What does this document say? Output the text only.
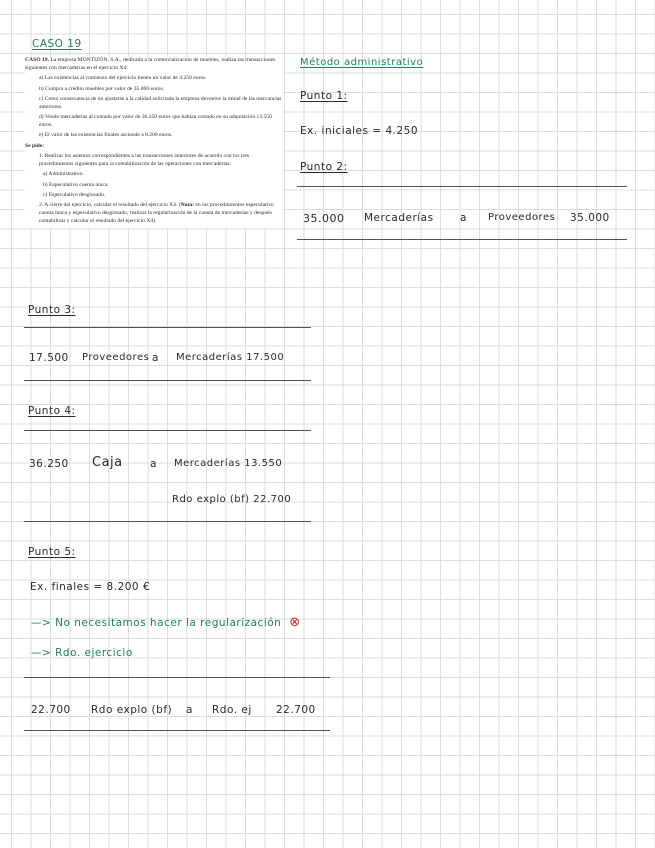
CASO 19

CASO 19. La empresa MONTIZÓN, S.A., dedicada a la comercialización de muebles, realiza las transacciones siguientes con mercaderías en el ejercicio X4:

a) Las existencias al comienzo del ejercicio tienen un valor de 4.250 euros.

b) Compra a crédito muebles por valor de 35.000 euros.

c) Como consecuencia de no ajustarse a la calidad solicitada la empresa devuelve la mitad de las mercancías anteriores.

d) Vende mercaderías al contado por valor de 36.250 euros que habían costado en su adquisición 13.550 euros.

e) El valor de las existencias finales asciende a 8.200 euros.

Se pide:

1. Realizar los asientos correspondientes a las transacciones anteriores de acuerdo con los tres procedimientos siguientes para la contabilización de las operaciones con mercaderías:

a) Administrativo.

b) Especulativo cuenta única.

c) Especulativo desglosado.

2. A cierre del ejercicio, calcular el resultado del ejercicio X4. (Nota: en los procedimientos especulativo cuenta única y especulativo desglosado, realizar la regularización de la cuenta de mercaderías y después contabilizar y calcular el resultado del ejercicio X4).

Método administrativo
Punto 1:
Ex. iniciales = 4.250
Punto 2:
35.000 Mercaderías	a Proveedores 35.000
Punto 3:
17.500 Proveedores a Mercaderías 17.500
Punto 4:
36.250 Caja	a Mercaderías 13.550
Rdo explo (bf) 22.700
Punto 5:
Ex. finales = 8.200 €
—> No necesitamos hacer la regularización ⊗
—> Rdo. ejercicio
22.700 Rdo explo (bf) a Rdo. ej 22.700
